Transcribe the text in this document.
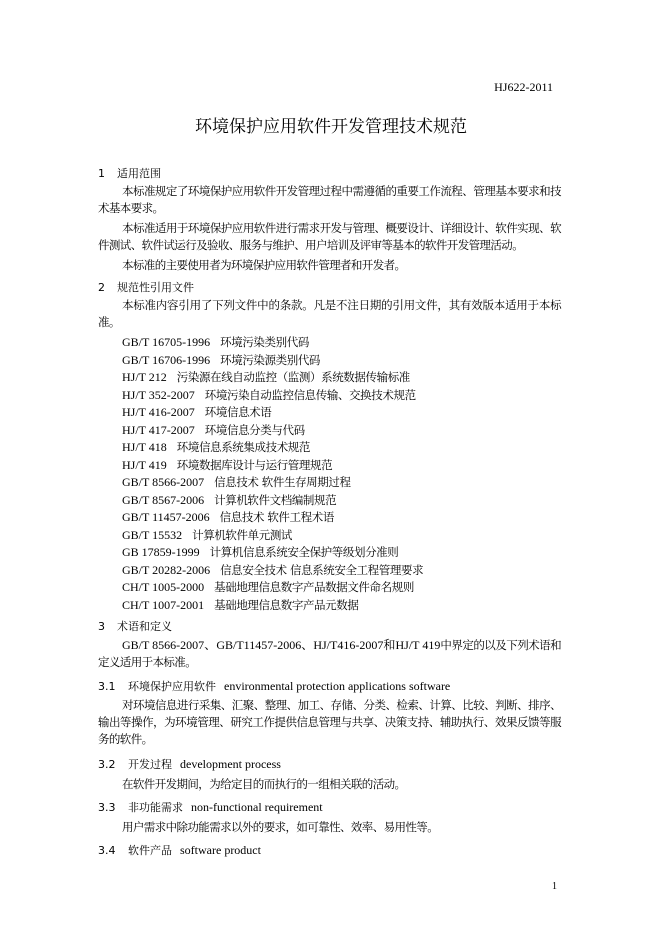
HJ622-2011
环境保护应用软件开发管理技术规范
1 适用范围
本标准规定了环境保护应用软件开发管理过程中需遵循的重要工作流程、管理基本要求和技术基本要求。
本标准适用于环境保护应用软件进行需求开发与管理、概要设计、详细设计、软件实现、软件测试、软件试运行及验收、服务与维护、用户培训及评审等基本的软件开发管理活动。
本标准的主要使用者为环境保护应用软件管理者和开发者。
2 规范性引用文件
本标准内容引用了下列文件中的条款。凡是不注日期的引用文件，其有效版本适用于本标准。
GB/T 16705-1996 环境污染类别代码
GB/T 16706-1996 环境污染源类别代码
HJ/T 212 污染源在线自动监控（监测）系统数据传输标准
HJ/T 352-2007 环境污染自动监控信息传输、交换技术规范
HJ/T 416-2007 环境信息术语
HJ/T 417-2007 环境信息分类与代码
HJ/T 418 环境信息系统集成技术规范
HJ/T 419 环境数据库设计与运行管理规范
GB/T 8566-2007 信息技术 软件生存周期过程
GB/T 8567-2006 计算机软件文档编制规范
GB/T 11457-2006 信息技术 软件工程术语
GB/T 15532 计算机软件单元测试
GB 17859-1999 计算机信息系统安全保护等级划分准则
GB/T 20282-2006 信息安全技术 信息系统安全工程管理要求
CH/T 1005-2000 基础地理信息数字产品数据文件命名规则
CH/T 1007-2001 基础地理信息数字产品元数据
3 术语和定义
GB/T 8566-2007、GB/T11457-2006、HJ/T416-2007和HJ/T 419中界定的以及下列术语和定义适用于本标准。
3.1 环境保护应用软件 environmental protection applications software
对环境信息进行采集、汇聚、整理、加工、存储、分类、检索、计算、比较、判断、排序、输出等操作，为环境管理、研究工作提供信息管理与共享、决策支持、辅助执行、效果反馈等服务的软件。
3.2 开发过程 development process
在软件开发期间，为给定目的而执行的一组相关联的活动。
3.3 非功能需求 non-functional requirement
用户需求中除功能需求以外的要求，如可靠性、效率、易用性等。
3.4 软件产品 software product
1
